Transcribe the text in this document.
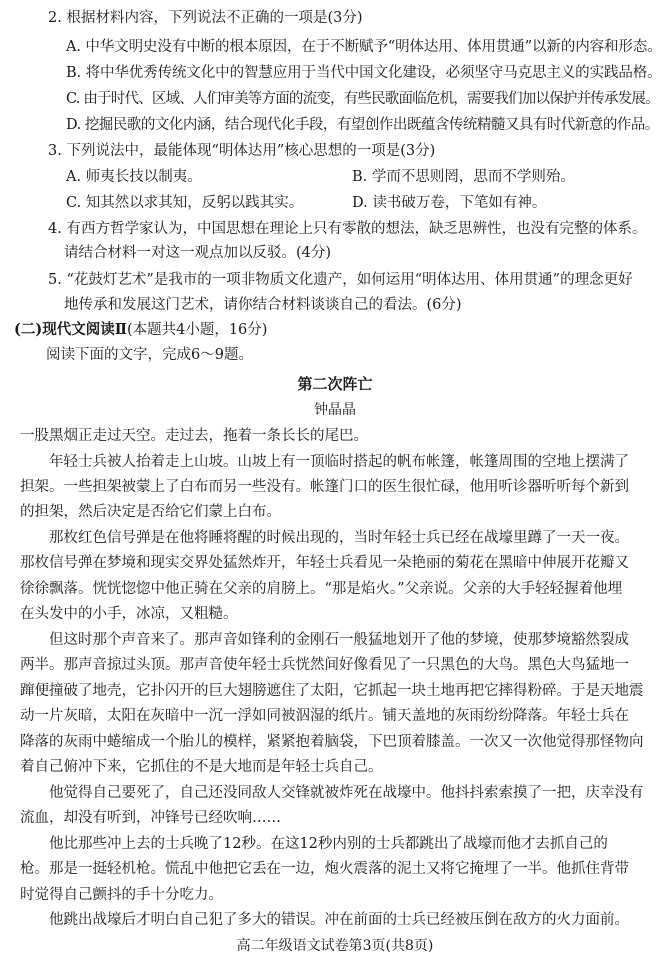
2. 根据材料内容，下列说法不正确的一项是(3分)
A. 中华文明史没有中断的根本原因，在于不断赋予“明体达用、体用贯通”以新的内容和形态。
B. 将中华优秀传统文化中的智慧应用于当代中国文化建设，必须坚守马克思主义的实践品格。
C. 由于时代、区域、人们审美等方面的流变，有些民歌面临危机，需要我们加以保护并传承发展。
D. 挖掘民歌的文化内涵，结合现代化手段，有望创作出既蕴含传统精髓又具有时代新意的作品。
3. 下列说法中，最能体现“明体达用”核心思想的一项是(3分)
A. 师夷长技以制夷。	B. 学而不思则罔，思而不学则殆。
C. 知其然以求其知，反躬以践其实。	D. 读书破万卷，下笔如有神。
4. 有西方哲学家认为，中国思想在理论上只有零散的想法，缺乏思辨性，也没有完整的体系。
请结合材料一对这一观点加以反驳。(4分)
5. “花鼓灯艺术”是我市的一项非物质文化遗产，如何运用“明体达用、体用贯通”的理念更好
地传承和发展这门艺术，请你结合材料谈谈自己的看法。(6分)
(二)现代文阅读Ⅱ(本题共4小题，16分)
阅读下面的文字，完成6～9题。
第二次阵亡
钟晶晶
一股黑烟正走过天空。走过去，拖着一条长长的尾巴。
　　年轻士兵被人抬着走上山坡。山坡上有一顶临时搭起的帆布帐篷，帐篷周围的空地上摆满了
担架。一些担架被蒙上了白布而另一些没有。帐篷门口的医生很忙碌，他用听诊器听听每个新到
的担架，然后决定是否给它们蒙上白布。
　　那枚红色信号弹是在他将睡将醒的时候出现的，当时年轻士兵已经在战壕里蹲了一天一夜。
那枚信号弹在梦境和现实交界处猛然炸开，年轻士兵看见一朵艳丽的菊花在黑暗中伸展开花瓣又
徐徐飘落。恍恍惚惚中他正骑在父亲的肩膀上。“那是焰火。”父亲说。父亲的大手轻轻握着他埋
在头发中的小手，冰凉，又粗糙。
　　但这时那个声音来了。那声音如锋利的金刚石一般猛地划开了他的梦境，使那梦境豁然裂成
两半。那声音掠过头顶。那声音使年轻士兵恍然间好像看见了一只黑色的大鸟。黑色大鸟猛地一
蹿便撞破了地壳，它扑闪开的巨大翅膀遮住了太阳，它抓起一块土地再把它摔得粉碎。于是天地震
动一片灰暗，太阳在灰暗中一沉一浮如同被泅湿的纸片。铺天盖地的灰雨纷纷降落。年轻士兵在
降落的灰雨中蜷缩成一个胎儿的模样，紧紧抱着脑袋，下巴顶着膝盖。一次又一次他觉得那怪物向
着自己俯冲下来，它抓住的不是大地而是年轻士兵自己。
　　他觉得自己要死了，自己还没同敌人交锋就被炸死在战壕中。他抖抖索索摸了一把，庆幸没有
流血，却没有听到，冲锋号已经吹响……
　　他比那些冲上去的士兵晚了12秒。在这12秒内别的士兵都跳出了战壕而他才去抓自己的
枪。那是一挺轻机枪。慌乱中他把它丢在一边，炮火震落的泥土又将它掩埋了一半。他抓住背带
时觉得自己颤抖的手十分吃力。
　　他跳出战壕后才明白自己犯了多大的错误。冲在前面的士兵已经被压倒在敌方的火力面前。
高二年级语文试卷第3页(共8页)
